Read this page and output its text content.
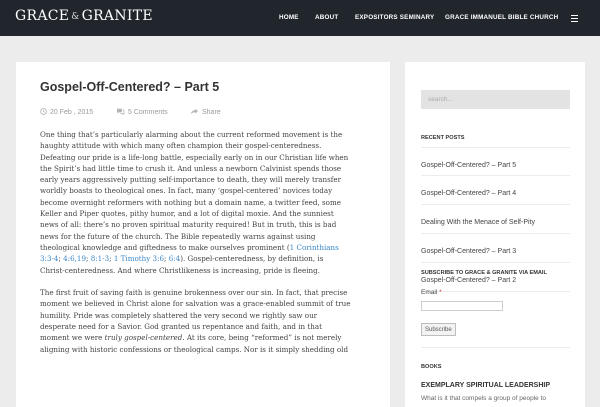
GRACE & GRANITE	HOME	ABOUT	EXPOSITORS SEMINARY GRACE IMMANUEL BIBLE CHURCH
Gospel-Off-Centered? – Part 5
20 Feb , 2015	5 Comments	Share

One thing that’s particularly alarming about the current reformed movement is the
haughty attitude with which many often champion their gospel-centeredness.
Defeating our pride is a life-long battle, especially early on in our Christian life when
the Spirit’s had little time to crush it. And unless a newborn Calvinist spends those
early years aggressively putting self-importance to death, they will merely transfer
worldly boasts to theological ones. In fact, many ‘gospel-centered’ novices today
become overnight reformers with nothing but a domain name, a twitter feed, some
Keller and Piper quotes, pithy humor, and a lot of digital moxie. And the sunniest
news of all: there’s no proven spiritual maturity required! But in truth, this is bad
news for the future of the church. The Bible repeatedly warns against using
theological knowledge and giftedness to make ourselves prominent (1 Corinthians
3:3-4; 4:6,19; 8:1-3; 1 Timothy 3:6; 6:4). Gospel-centeredness, by definition, is
Christ-centeredness. And where Christlikeness is increasing, pride is fleeing.

The first fruit of saving faith is genuine brokenness over our sin. In fact, that precise
moment we believed in Christ alone for salvation was a grace-enabled summit of true
humility. Pride was completely shattered the very second we rightly saw our
desperate need for a Savior. God granted us repentance and faith, and in that
moment we were truly gospel-centered. At its core, being “reformed” is not merely
aligning with historic confessions or theological camps. Nor is it simply shedding old

search...
RECENT POSTS
Gospel-Off-Centered? – Part 5
Gospel-Off-Centered? – Part 4
Dealing With the Menace of Self-Pity
Gospel-Off-Centered? – Part 3
Gospel-Off-Centered? – Part 2
SUBSCRIBE TO GRACE & GRANITE VIA EMAIL
Email *
Subscribe
BOOKS
EXEMPLARY SPIRITUAL LEADERSHIP
What is it that compels a group of people to
